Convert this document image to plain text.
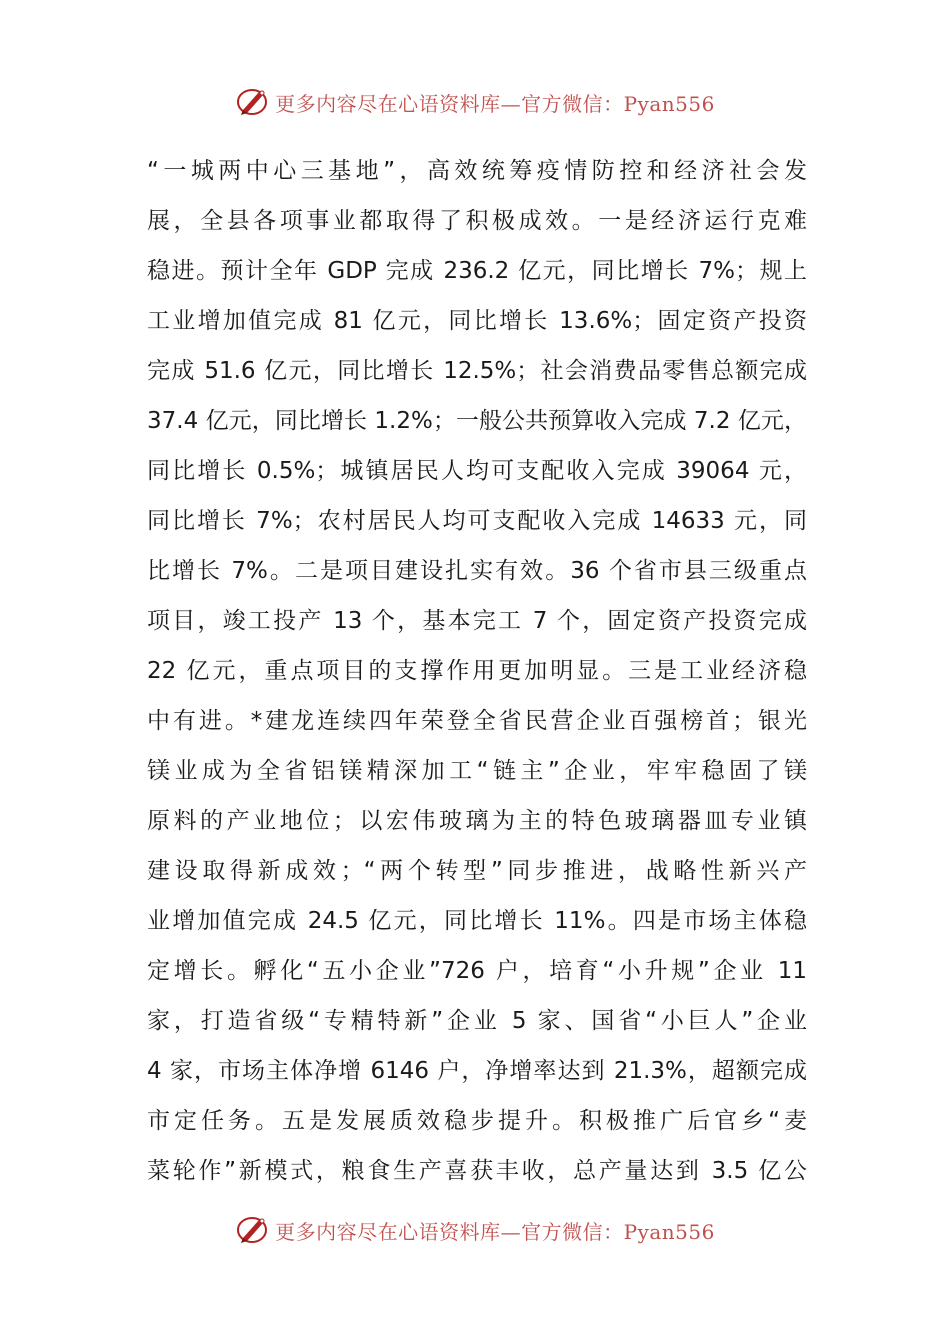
更多内容尽在心语资料库—官方微信：Pyan556
“一城两中心三基地”，高效统筹疫情防控和经济社会发
展，全县各项事业都取得了积极成效。一是经济运行克难
稳进。预计全年 GDP 完成 236.2 亿元，同比增长 7%；规上
工业增加值完成 81 亿元，同比增长 13.6%；固定资产投资
完成 51.6 亿元，同比增长 12.5%；社会消费品零售总额完成
37.4 亿元，同比增长 1.2%；一般公共预算收入完成 7.2 亿元，
同比增长 0.5%；城镇居民人均可支配收入完成 39064 元，
同比增长 7%；农村居民人均可支配收入完成 14633 元，同
比增长 7%。二是项目建设扎实有效。36 个省市县三级重点
项目，竣工投产 13 个，基本完工 7 个，固定资产投资完成
22 亿元，重点项目的支撑作用更加明显。三是工业经济稳
中有进。*建龙连续四年荣登全省民营企业百强榜首；银光
镁业成为全省铝镁精深加工“链主”企业，牢牢稳固了镁
原料的产业地位；以宏伟玻璃为主的特色玻璃器皿专业镇
建设取得新成效；“两个转型”同步推进，战略性新兴产
业增加值完成 24.5 亿元，同比增长 11%。四是市场主体稳
定增长。孵化“五小企业”726 户，培育“小升规”企业 11
家，打造省级“专精特新”企业 5 家、国省“小巨人”企业
4 家，市场主体净增 6146 户，净增率达到 21.3%，超额完成
市定任务。五是发展质效稳步提升。积极推广后官乡“麦
菜轮作”新模式，粮食生产喜获丰收，总产量达到 3.5 亿公
更多内容尽在心语资料库—官方微信：Pyan556
